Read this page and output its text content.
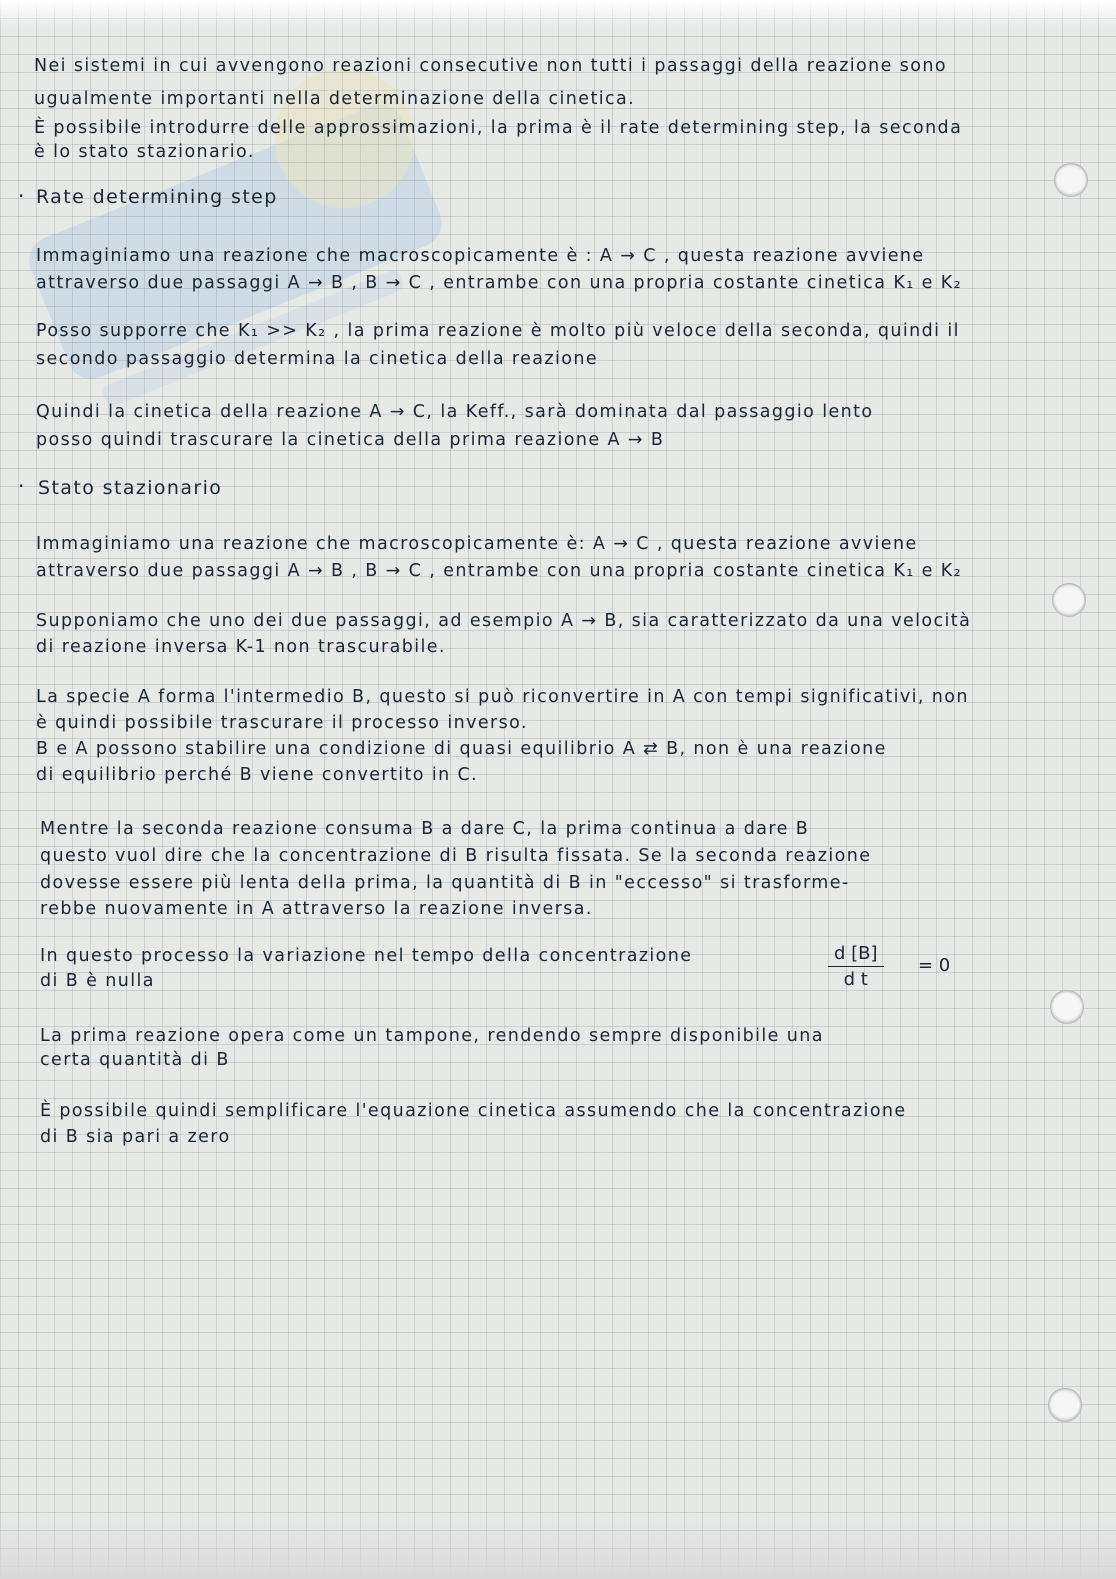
Nei sistemi in cui avvengono reazioni consecutive non tutti i passaggi della reazione sono

ugualmente importanti nella determinazione della cinetica.

È possibile introdurre delle approssimazioni, la prima è il rate determining step, la seconda

è lo stato stazionario.

· Rate determining step

Immaginiamo una reazione che macroscopicamente è : A → C , questa reazione avviene

attraverso due passaggi A → B , B → C , entrambe con una propria costante cinetica K₁ e K₂

Posso supporre che K₁ >> K₂ , la prima reazione è molto più veloce della seconda, quindi il

secondo passaggio determina la cinetica della reazione

Quindi la cinetica della reazione A → C, la Keff., sarà dominata dal passaggio lento

posso quindi trascurare la cinetica della prima reazione A → B

· Stato stazionario

Immaginiamo una reazione che macroscopicamente è: A → C , questa reazione avviene

attraverso due passaggi A → B , B → C , entrambe con una propria costante cinetica K₁ e K₂

Supponiamo che uno dei due passaggi, ad esempio A → B, sia caratterizzato da una velocità

di reazione inversa K-1 non trascurabile.

La specie A forma l'intermedio B, questo si può riconvertire in A con tempi significativi, non

è quindi possibile trascurare il processo inverso.

B e A possono stabilire una condizione di quasi equilibrio A ⇄ B, non è una reazione

di equilibrio perché B viene convertito in C.

Mentre la seconda reazione consuma B a dare C, la prima continua a dare B

questo vuol dire che la concentrazione di B risulta fissata. Se la seconda reazione

dovesse essere più lenta della prima, la quantità di B in "eccesso" si trasforme-

rebbe nuovamente in A attraverso la reazione inversa.

In questo processo la variazione nel tempo della concentrazione

di B è nulla	$\frac{d [B]}{\text{d t}} = 0$

La prima reazione opera come un tampone, rendendo sempre disponibile una

certa quantità di B

È possibile quindi semplificare l'equazione cinetica assumendo che la concentrazione

di B sia pari a zero
